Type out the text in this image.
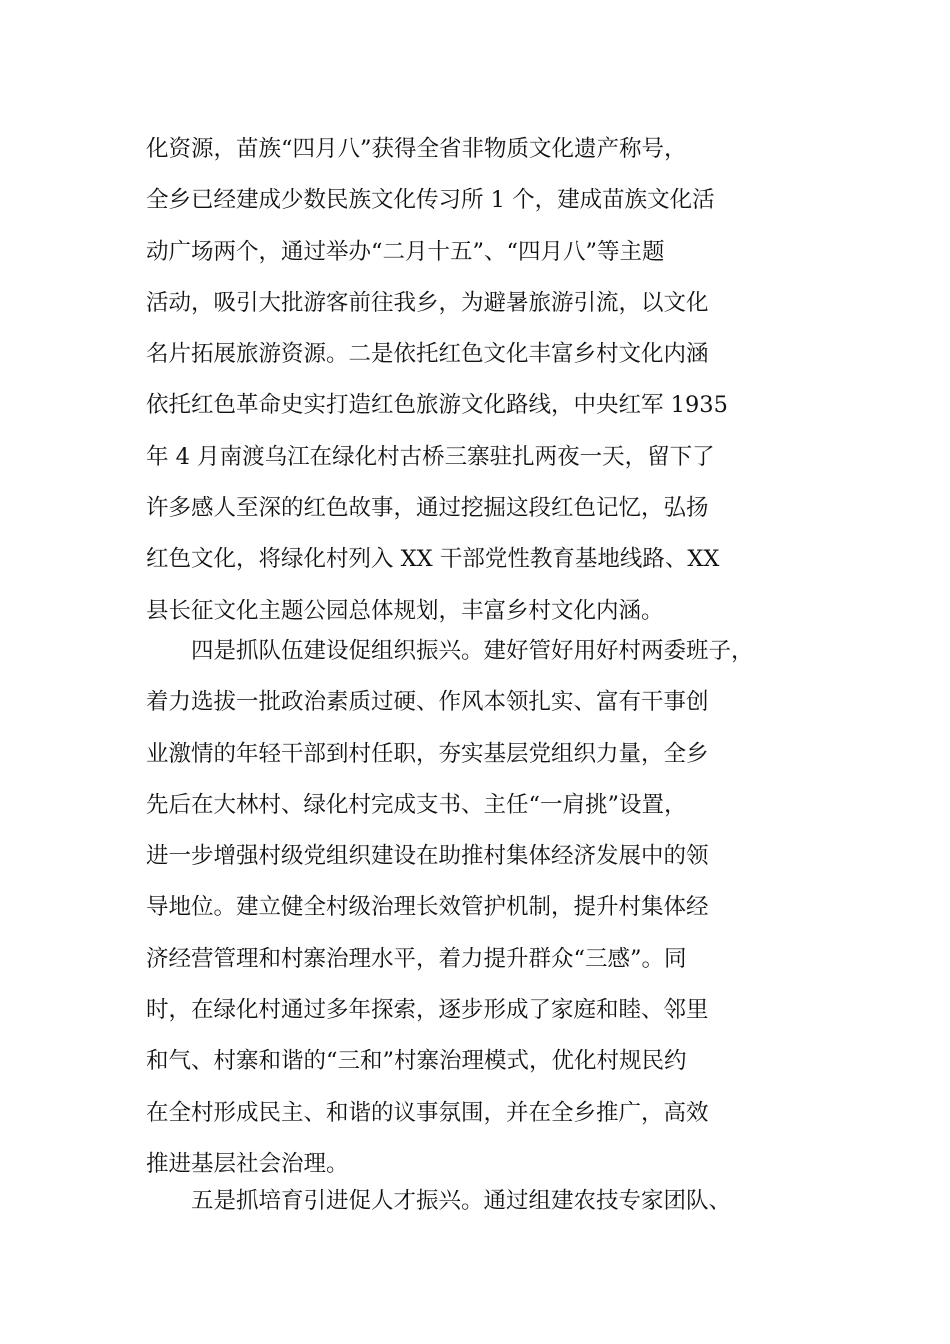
化资源，苗族“四月八”获得全省非物质文化遗产称号，
全乡已经建成少数民族文化传习所 1 个，建成苗族文化活
动广场两个，通过举办“二月十五”、“四月八”等主题
活动，吸引大批游客前往我乡，为避暑旅游引流，以文化
名片拓展旅游资源。二是依托红色文化丰富乡村文化内涵
依托红色革命史实打造红色旅游文化路线，中央红军 1935
年 4 月南渡乌江在绿化村古桥三寨驻扎两夜一天，留下了
许多感人至深的红色故事，通过挖掘这段红色记忆，弘扬
红色文化，将绿化村列入 XX 干部党性教育基地线路、XX
县长征文化主题公园总体规划，丰富乡村文化内涵。
　　四是抓队伍建设促组织振兴。建好管好用好村两委班子，
着力选拔一批政治素质过硬、作风本领扎实、富有干事创
业激情的年轻干部到村任职，夯实基层党组织力量，全乡
先后在大林村、绿化村完成支书、主任“一肩挑”设置，
进一步增强村级党组织建设在助推村集体经济发展中的领
导地位。建立健全村级治理长效管护机制，提升村集体经
济经营管理和村寨治理水平，着力提升群众“三感”。同
时，在绿化村通过多年探索，逐步形成了家庭和睦、邻里
和气、村寨和谐的“三和”村寨治理模式，优化村规民约
在全村形成民主、和谐的议事氛围，并在全乡推广，高效
推进基层社会治理。
　　五是抓培育引进促人才振兴。通过组建农技专家团队、
